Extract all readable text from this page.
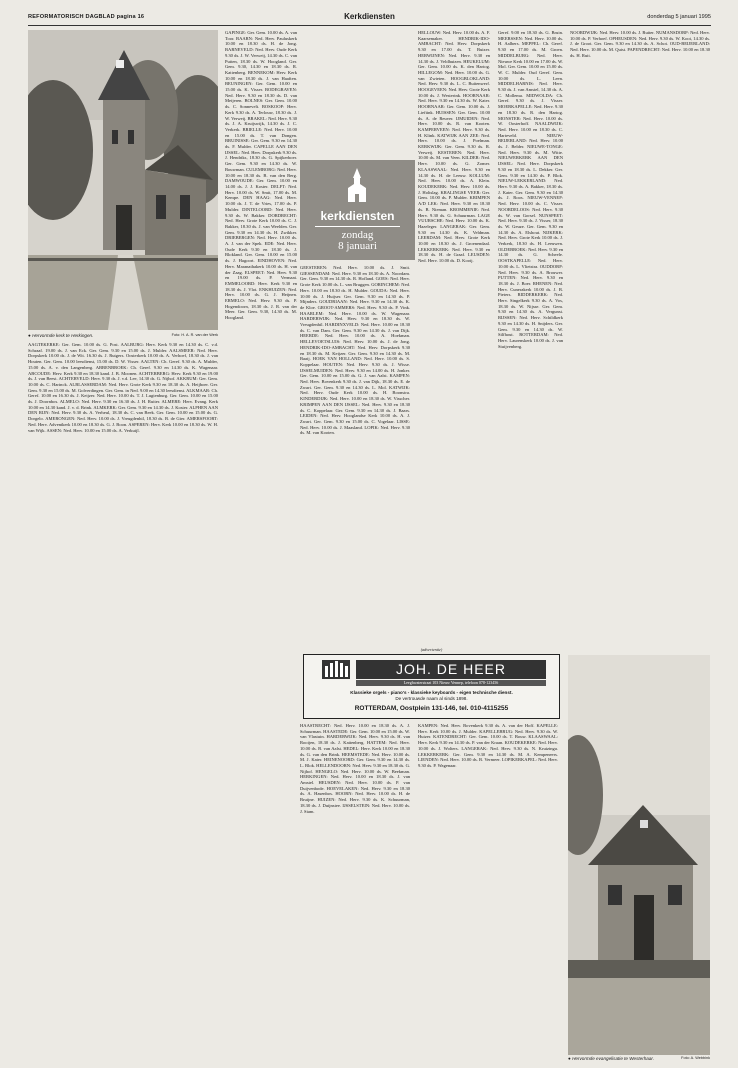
REFORMATORISCH DAGBLAD pagina 16	Kerkdiensten	donderdag 5 januari 1995
● Hervormde kerk te Herkingen.	Foto: H. A. R. van der Werk
kerkdiensten
zondag
8 januari

GAPINGE: Ger. Gem. 10.00 ds. A. van Toor. BAARN: Ned. Herv. Pauluskerk 10.00 en 18.30 ds. H. de Jong. BARNEVELD: Ned. Herv. Oude Kerk 9.30 ds. J. W. Verweij, 14.30 ds. C. van Putten, 18.30 ds. W. Hoogland. Ger. Gem. 9.30, 14.30 en 18.30 ds. R. Kattenberg. BENNEKOM: Herv. Kerk 10.00 en 18.30 ds. J. van Haaften. BEUNINGEN: Ger. Gem. 10.00 en 15.00 ds. K. Visser. BODEGRAVEN: Ned. Herv. 9.30 en 18.30 ds. D. van Meijeren. BOLNES: Ger. Gem. 10.00 ds. C. Sonnevelt. BOSKOOP: Herv. Kerk 9.30 ds. A. Terlouw, 18.30 ds. J. W. Verweij. BRAKEL: Ned. Herv. 9.30 ds. J. A. Kruijswijk, 14.30 ds. J. C. Verkerk. BRIELLE: Ned. Herv. 10.00 en 15.00 ds. T. van Dongen. BRUINISSE: Ger. Gem. 9.30 en 14.30 ds. F. Mulder. CAPELLE AAN DEN IJSSEL: Ned. Herv. Dorpskerk 9.30 ds. J. Hendriks, 18.30 ds. G. Spijkerboer. Ger. Gem. 9.30 en 14.30 ds. W. Bouwman. CULEMBORG: Ned. Herv. 10.00 en 18.30 ds. B. van den Berg. DAMWOUDE: Ger. Gem. 10.00 en 14.00 ds. J. J. Koster. DELFT: Ned. Herv. 10.00 ds. W. Smit, 17.00 ds. M. Kempe. DEN HAAG: Ned. Herv. 10.00 ds. J. T. de Vries, 17.00 ds. P. Mulder. DINTELOORD: Ned. Herv. 9.30 ds. W. Bakker. DORDRECHT: Ned. Herv. Grote Kerk 10.00 ds. C. J. Bakker, 18.30 ds. J. van Weelden. Ger. Gem. 9.30 en 14.30 ds. H. Zwikker. DRIEBERGEN: Ned. Herv. 10.00 ds. A. J. van der Spek. EDE: Ned. Herv. Oude Kerk 9.30 en 18.30 ds. J. Blokland. Ger. Gem. 10.00 en 15.00 ds. J. Hagoort. EINDHOVEN: Ned. Herv. Maranathakerk 10.00 ds. H. van der Zaag. ELSPEET: Ned. Herv. 9.30 en 19.00 ds. P. Vermaat. EMMELOORD: Herv. Kerk 9.30 en 18.30 ds. J. Vlot. ENKHUIZEN: Ned. Herv. 10.00 ds. G. J. Heijnen. ERMELO: Ned. Herv. 9.30 ds. P. Hogendoorn, 18.30 ds. J. R. van der Meer. Ger. Gem. 9.30, 14.30 ds. M. Hoogland.

GEESTEREN: Ned. Herv. 10.00 ds. J. Smit. GIESSENDAM: Ned. Herv. 9.30 en 18.30 ds. A. Noordam. Ger. Gem. 9.30 en 14.30 ds. R. Hofland. GOES: Ned. Herv. Grote Kerk 10.00 ds. L. van Bruggen. GORINCHEM: Ned. Herv. 10.00 en 18.30 ds. H. Mulder. GOUDA: Ned. Herv. 10.00 ds. J. Huijser. Ger. Gem. 9.30 en 14.30 ds. P. Mijnders. GOUDRIAAN: Ned. Herv. 9.30 en 14.30 ds. K. de Kloe. GROOT-AMMERS: Ned. Herv. 9.30 ds. P. Vink. HAARLEM: Ned. Herv. 10.00 ds. W. Wagenaar. HARDERWIJK: Ned. Herv. 9.30 en 18.30 ds. W. Vreugdenhil. HARDINXVELD: Ned. Herv. 10.00 en 18.30 ds. C. van Dam. Ger. Gem. 9.30 en 14.30 ds. J. van Dijk. HEERDE: Ned. Herv. 10.00 ds. A. Hoekman. HELLEVOETSLUIS: Ned. Herv. 10.00 ds. J. de Jong. HENDRIK-IDO-AMBACHT: Ned. Herv. Dorpskerk 9.30 en 18.30 ds. M. Keijzer. Ger. Gem. 9.30 en 14.30 ds. M. Baaij. HOEK VAN HOLLAND: Ned. Herv. 10.00 ds. S. Koppelaar. HOUTEN: Ned. Herv. 9.30 ds. J. Wisse. IJSSELMUIDEN: Ned. Herv. 9.30 en 14.00 ds. H. Jonker. Ger. Gem. 10.00 en 15.00 ds. G. J. van Aalst. KAMPEN: Ned. Herv. Bovenkerk 9.30 ds. J. van Dijk, 18.30 ds. E. de Zwart. Ger. Gem. 9.30 en 14.30 ds. L. Mol. KATWIJK: Ned. Herv. Oude Kerk 10.00 ds. H. Boonstra. KINDERDIJK: Ned. Herv. 10.00 en 18.30 ds. W. Visscher. KRIMPEN AAN DEN IJSSEL: Ned. Herv. 9.30 en 18.30 ds. C. Koppelaar. Ger. Gem. 9.30 en 14.30 ds. J. Baars. LEIDEN: Ned. Herv. Hooglandse Kerk 10.00 ds. A. J. Zwart. Ger. Gem. 9.30 en 15.00 ds. C. Vogelaar. LISSE: Ned. Herv. 10.00 ds. J. Maasland. LOPIK: Ned. Herv. 9.30 ds. M. van Kooten.

HELLOUW: Ned. Herv. 10.00 ds. A. F. Kaarsemaker. HENDRIK-IDO-AMBACHT: Ned. Herv. Dorpskerk 9.30 en 17.00 ds. T. Buizer. HERWIJNEN: Ned. Herv. 9.30 en 14.30 ds. J. Veldhuizen. HEUKELUM: Ger. Gem. 10.00 ds. K. den Hartog. HILLEGOM: Ned. Herv. 10.00 ds. G. van Zwieten. HOOGBLOKLAND: Ned. Herv. 9.30 ds. L. C. Buitenwerf. HOOGEVEEN: Ned. Herv. Grote Kerk 10.00 ds. J. Westerink. HOORNAAR: Ned. Herv. 9.30 en 14.30 ds. W. Kater. HOORNAAR: Ger. Gem. 10.00 ds. J. Lieftink. HUISSEN: Ger. Gem. 10.00 ds. A. de Reuver. IJMUIDEN: Ned. Herv. 10.00 ds. R. van Kooten. KAMPERVEEN: Ned. Herv. 9.30 ds. H. Klink. KATWIJK AAN ZEE: Ned. Herv. 10.00 ds. J. Poelman. KERKWIJK: Ger. Gem. 9.30 ds. R. Verweij. KESTEREN: Ned. Herv. 10.00 ds. M. van Veen. KILDER: Ned. Herv. 10.00 ds. G. Zomer. KLAASWAAL: Ned. Herv. 9.30 en 14.30 ds. H. de Leeuw. KOLLUM: Ned. Herv. 10.00 ds. A. Klein. KOUDEKERK: Ned. Herv. 10.00 ds. J. Holtslag. KRALINGSE VEER: Ger. Gem. 10.00 ds. P. Mulder. KRIMPEN A/D LEK: Ned. Herv. 9.30 en 18.30 ds. B. Nieman. KROMMENIE: Ned. Herv. 9.30 ds. G. Schuurman. LAGE VUURSCHE: Ned. Herv. 10.00 ds. K. Hazeleger. LANGERAK: Ger. Gem. 9.30 en 14.30 ds. K. Veldman. LEERDAM: Ned. Herv. Grote Kerk 10.00 en 18.30 ds. J. Groenendaal. LEKKERKERK: Ned. Herv. 9.30 en 18.30 ds. H. de Graaf. LEUSDEN: Ned. Herv. 10.00 ds. D. Kooij.

Geref. 9.00 en 18.30 ds. G. Bruin. MEERSSEN: Ned. Herv. 10.00 ds. H. Aalbers. MEPPEL: Ch. Geref. 9.30 en 17.00 ds. M. Groen. MIDDELBURG: Ned. Herv. Nieuwe Kerk 10.00 en 17.00 ds. W. Mol. Ger. Gem. 10.00 en 15.00 ds. W. C. Mulder. Oud Geref. Gem. 10.00 ds. L. Leen. MIDDELHARNIS: Ned. Herv. 9.30 ds. J. van Amstel, 14.30 ds. A. C. Mollema. MIDWOLDA: Ch. Geref. 9.30 ds. J. Visser. MOERKAPELLE: Ned. Herv. 9.30 en 18.30 ds. R. den Hartog. MONSTER: Ned. Herv. 10.00 ds. W. Oosterhoff. NAALDWIJK: Ned. Herv. 10.00 en 18.30 ds. C. Harteveld. NIEUW-BEIJERLAND: Ned. Herv. 10.00 ds. J. Belder. NIEUWE-TONGE: Ned. Herv. 9.30 ds. M. Witte. NIEUWERKERK AAN DEN IJSSEL: Ned. Herv. Dorpskerk 9.30 en 18.30 ds. L. Dekker. Ger. Gem. 9.30 en 14.30 ds. P. Blok. NIEUW-LEKKERLAND: Ned. Herv. 9.30 ds. A. Bakker, 18.30 ds. J. Kater. Ger. Gem. 9.30 en 14.30 ds. J. Roos. NIEUW-VENNEP: Ned. Herv. 10.00 ds. C. Visser. NOORDELOOS: Ned. Herv. 9.30 ds. W. van Gorsel. NUNSPEET: Ned. Herv. 9.30 ds. J. Visser, 18.30 ds. W. Geuze. Ger. Gem. 9.30 en 14.30 ds. A. Elshout. NIJKERK: Ned. Herv. Grote Kerk 10.00 ds. J. Verkerk, 18.30 ds. H. Leeuwen. OLDEBROEK: Ned. Herv. 9.30 en 14.30 ds. G. Scheele. OOSTKAPELLE: Ned. Herv. 10.00 ds. L. Vlietstra. OUDDORP: Ned. Herv. 9.30 ds. A. Brouwer. PUTTEN: Ned. Herv. 9.30 en 18.30 ds. J. Boer. RHENEN: Ned. Herv. Cunerakerk 10.00 ds. J. B. Pieters. RIDDERKERK: Ned. Herv. Singelkerk 9.30 ds. A. Vos, 18.30 ds. W. Nijsse. Ger. Gem. 9.30 en 14.30 ds. A. Vergunst. RIJSSEN: Ned. Herv. Schildkerk 9.30 en 14.30 ds. H. Snijders. Ger. Gem. 9.30 en 14.30 ds. W. Silfhout. ROTTERDAM: Ned. Herv. Laurenskerk 10.00 ds. J. van Stuijvenberg.

NOORDWIJK: Ned. Herv. 10.00 ds. J. Ruiter. NUMANSDORP: Ned. Herv. 10.00 ds. P. Verhoef. OPHEUSDEN: Ned. Herv. 9.30 ds. W. Kooi, 14.30 ds. J. de Groot. Ger. Gem. 9.30 en 14.30 ds. A. Schot. OUD-BEIJERLAND: Ned. Herv. 10.00 ds. M. Quist. PAPENDRECHT: Ned. Herv. 10.00 en 18.30 ds. H. Ruit.

AAGTEKERKE: Ger. Gem. 10.00 ds. G. Post. AALBURG: Herv. Kerk 9.30 en 14.30 ds. C. v.d. Schraaf. 19.00 ds. J. van Eck. Ger. Gem. 9.30 en 15.00 ds. J. Mulder. AALSMEER: Ned. Herv. Dorpskerk 10.00 ds. J. de Wit. 16.30 ds. J. Rutgers. Oosterkerk 10.00 ds. A. Verhoef, 18.30 ds. J. van Houten. Ger. Gem. 10.00 leesdienst, 15.00 ds. D. W. Visser. AALTEN: Ch. Geref. 9.30 ds. A. Mulder, 15.00 ds. A. v. den Langenberg. ABBENBROEK: Ch. Geref. 9.30 en 14.30 ds. K. Wagenaar. ABCOUDE: Herv. Kerk 9.30 en 18.30 kand. J. B. Moonen. ACHTERBERG: Herv. Kerk 9.30 en 19.00 ds. J. van Beest. ACHTERVELD: Herv. 9.30 ds. J. v.d. Lee, 14.30 ds. G. Nijhof. AKKRUM: Ger. Gem. 10.00 ds. C. Harinck. ALBLASSERDAM: Ned. Herv. Grote Kerk 9.30 en 18.30 ds. A. Heijboer. Ger. Gem. 9.30 en 15.00 ds. M. Golverdingen. Ger. Gem. in Ned. 9.00 en 14.30 leesdienst. ALKMAAR: Ch. Geref. 10.00 en 16.30 ds. J. Keijzer. Ned. Herv. 10.00 ds. T. J. Lugtenburg. Ger. Gem. 10.00 en 15.00 ds. J. Doornbos. ALMELO: Ned. Herv. 9.30 en 16.30 ds. J. H. Ruiter. ALMERE: Herv. Evang. Kerk 10.00 en 14.30 kand. J. v. d. Brink. ALMKERK: Ger. Gem. 9.30 en 14.30 ds. J. Koster. ALPHEN AAN DEN RIJN: Ned. Herv. 9.30 ds. A. Verheul, 18.30 ds. C. van Beek. Ger. Gem. 10.00 en 15.00 ds. G. Dorgelo. AMERONGEN: Ned. Herv. 10.00 ds. J. Vreugdenhil, 18.30 ds. B. de Gier. AMERSFOORT: Ned. Herv. Adventkerk 10.00 en 18.30 ds. G. J. Boon. ASPEREN: Herv. Kerk 10.00 en 18.30 ds. W. H. van Wijk. ASSEN: Ned. Herv. 10.00 en 15.00 ds. A. Verkuijl.

(advertentie)
JOH. DE HEER
Leeghwaterstraat 103 Nieuw Vennep, telefoon 078-123456
Klassieke orgels - piano's - klassieke keyboards - eigen technische dienst.
De vertrouwde naam al sinds 1898.
ROTTERDAM, Oostplein 131-146, tel. 010-4115255

HAASTRECHT: Ned. Herv. 10.00 en 18.30 ds. A. J. Schuurman. HAASTEDE: Ger. Gem. 10.00 en 15.00 ds. W. van Vlastuin. HARDERWIJK: Ned. Herv. 9.30 ds. H. van Rooijen, 18.30 ds. J. Kattenberg. HATTEM: Ned. Herv. 10.00 ds. B. van Aalst. HEDEL: Herv. Kerk 10.00 en 18.30 ds. G. van den Brink. HEEMSTEDE: Ned. Herv. 10.00 ds. M. J. Kater. HEINENOORD: Ger. Gem. 9.30 en 14.30 ds. L. Blok. HELLENDOORN: Ned. Herv. 9.30 en 18.30 ds. G. Nijhof. HENGELO: Ned. Herv. 10.00 ds. W. Beekman. HERKINGEN: Ned. Herv. 10.00 en 18.30 ds. J. van Amstel. HEUSDEN: Ned. Herv. 10.00 ds. P. van Duijvenbode. HOEVELAKEN: Ned. Herv. 9.30 en 18.30 ds. A. Hasenbos. HOORN: Ned. Herv. 10.00 ds. H. de Bruijne. HUIZEN: Ned. Herv. 9.30 ds. K. Schuurman, 18.30 ds. J. Duijnstee. IJSSELSTEIN: Ned. Herv. 10.00 ds. J. Stam.

KAMPEN: Ned. Herv. Bovenkerk 9.30 ds. A. van der Hoff. KAPELLE: Herv. Kerk 10.00 ds. J. Mulder. KAPELLEBRUG: Ned. Herv. 9.30 ds. W. Huizer. KATENDRECHT: Ger. Gem. 10.00 ds. T. Bouw. KLAASWAAL: Herv. Kerk 9.30 en 14.30 ds. P. van der Kraan. KOUDEKERKE: Ned. Herv. 10.00 ds. J. Wolters. LANGERAK: Ned. Herv. 9.30 ds. N. Kruizinga. LEKKERKERK: Ger. Gem. 9.30 en 14.30 ds. M. A. Kempeneers. LIENDEN: Ned. Herv. 10.00 ds. B. Vermeer. LOPIKERKAPEL: Ned. Herv. 9.30 ds. P. Wagenaar.

● Hervormde evangelisatie te Westerhaar.	Foto: A. Webbink
